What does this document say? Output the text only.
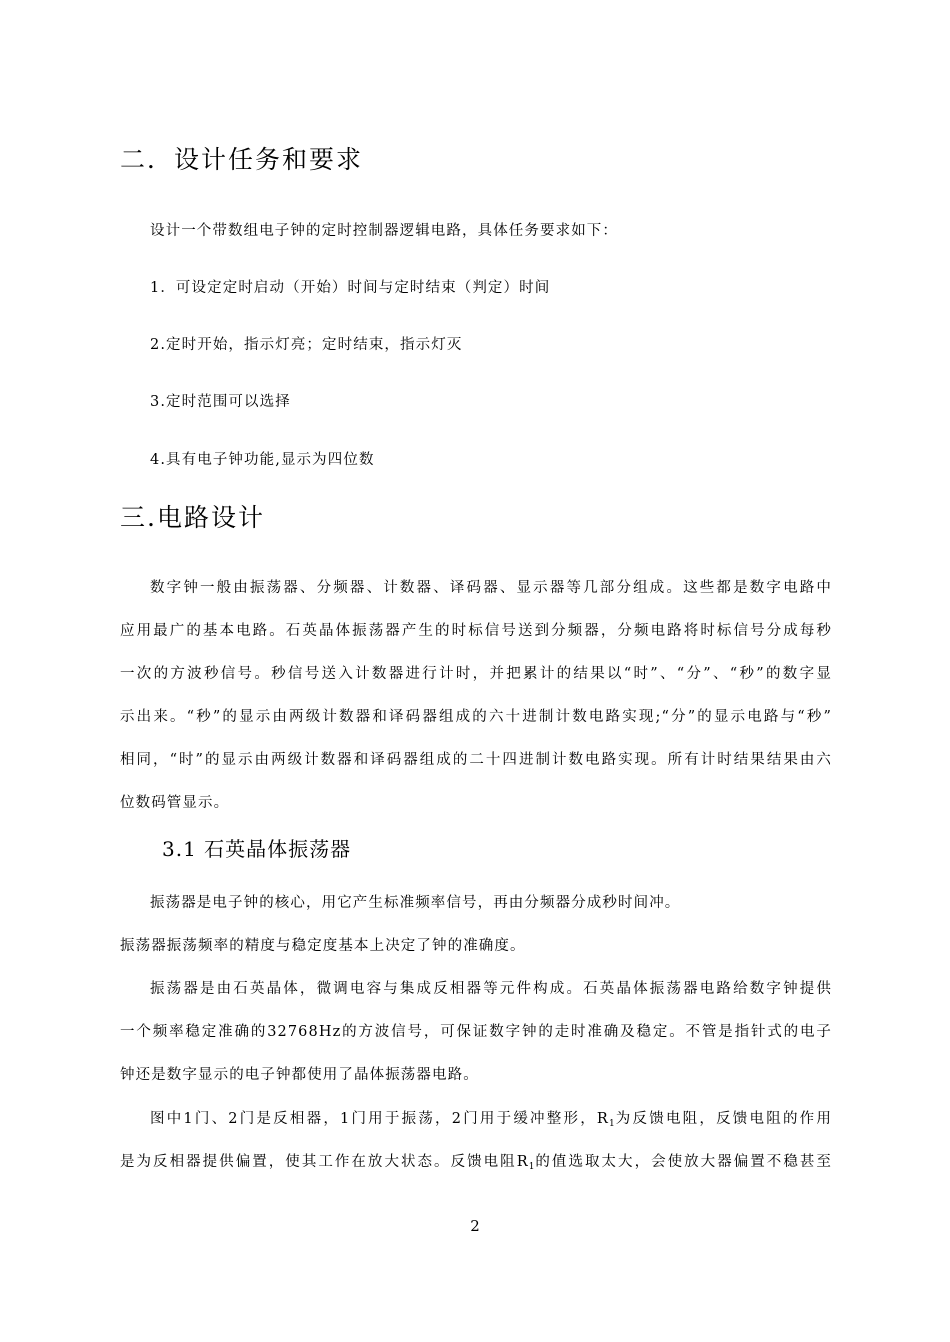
二．设计任务和要求
设计一个带数组电子钟的定时控制器逻辑电路，具体任务要求如下：
1．可设定定时启动（开始）时间与定时结束（判定）时间
2.定时开始，指示灯亮；定时结束，指示灯灭
3.定时范围可以选择
4.具有电子钟功能,显示为四位数
三.电路设计
数字钟一般由振荡器、分频器、计数器、译码器、显示器等几部分组成。这些都是数字电路中
应用最广的基本电路。石英晶体振荡器产生的时标信号送到分频器，分频电路将时标信号分成每秒
一次的方波秒信号。秒信号送入计数器进行计时，并把累计的结果以“时”、“分”、“秒”的数字显
示出来。“秒”的显示由两级计数器和译码器组成的六十进制计数电路实现;“分”的显示电路与“秒”
相同，“时”的显示由两级计数器和译码器组成的二十四进制计数电路实现。所有计时结果结果由六
位数码管显示。
3.1 石英晶体振荡器
振荡器是电子钟的核心，用它产生标准频率信号，再由分频器分成秒时间冲。
振荡器振荡频率的精度与稳定度基本上决定了钟的准确度。
振荡器是由石英晶体，微调电容与集成反相器等元件构成。石英晶体振荡器电路给数字钟提供
一个频率稳定准确的32768Hz的方波信号，可保证数字钟的走时准确及稳定。不管是指针式的电子
钟还是数字显示的电子钟都使用了晶体振荡器电路。
图中1门、2门是反相器，1门用于振荡，2门用于缓冲整形，$R_1$为反馈电阻，反馈电阻的作用
是为反相器提供偏置，使其工作在放大状态。反馈电阻$R_1$的值选取太大，会使放大器偏置不稳甚至
2
